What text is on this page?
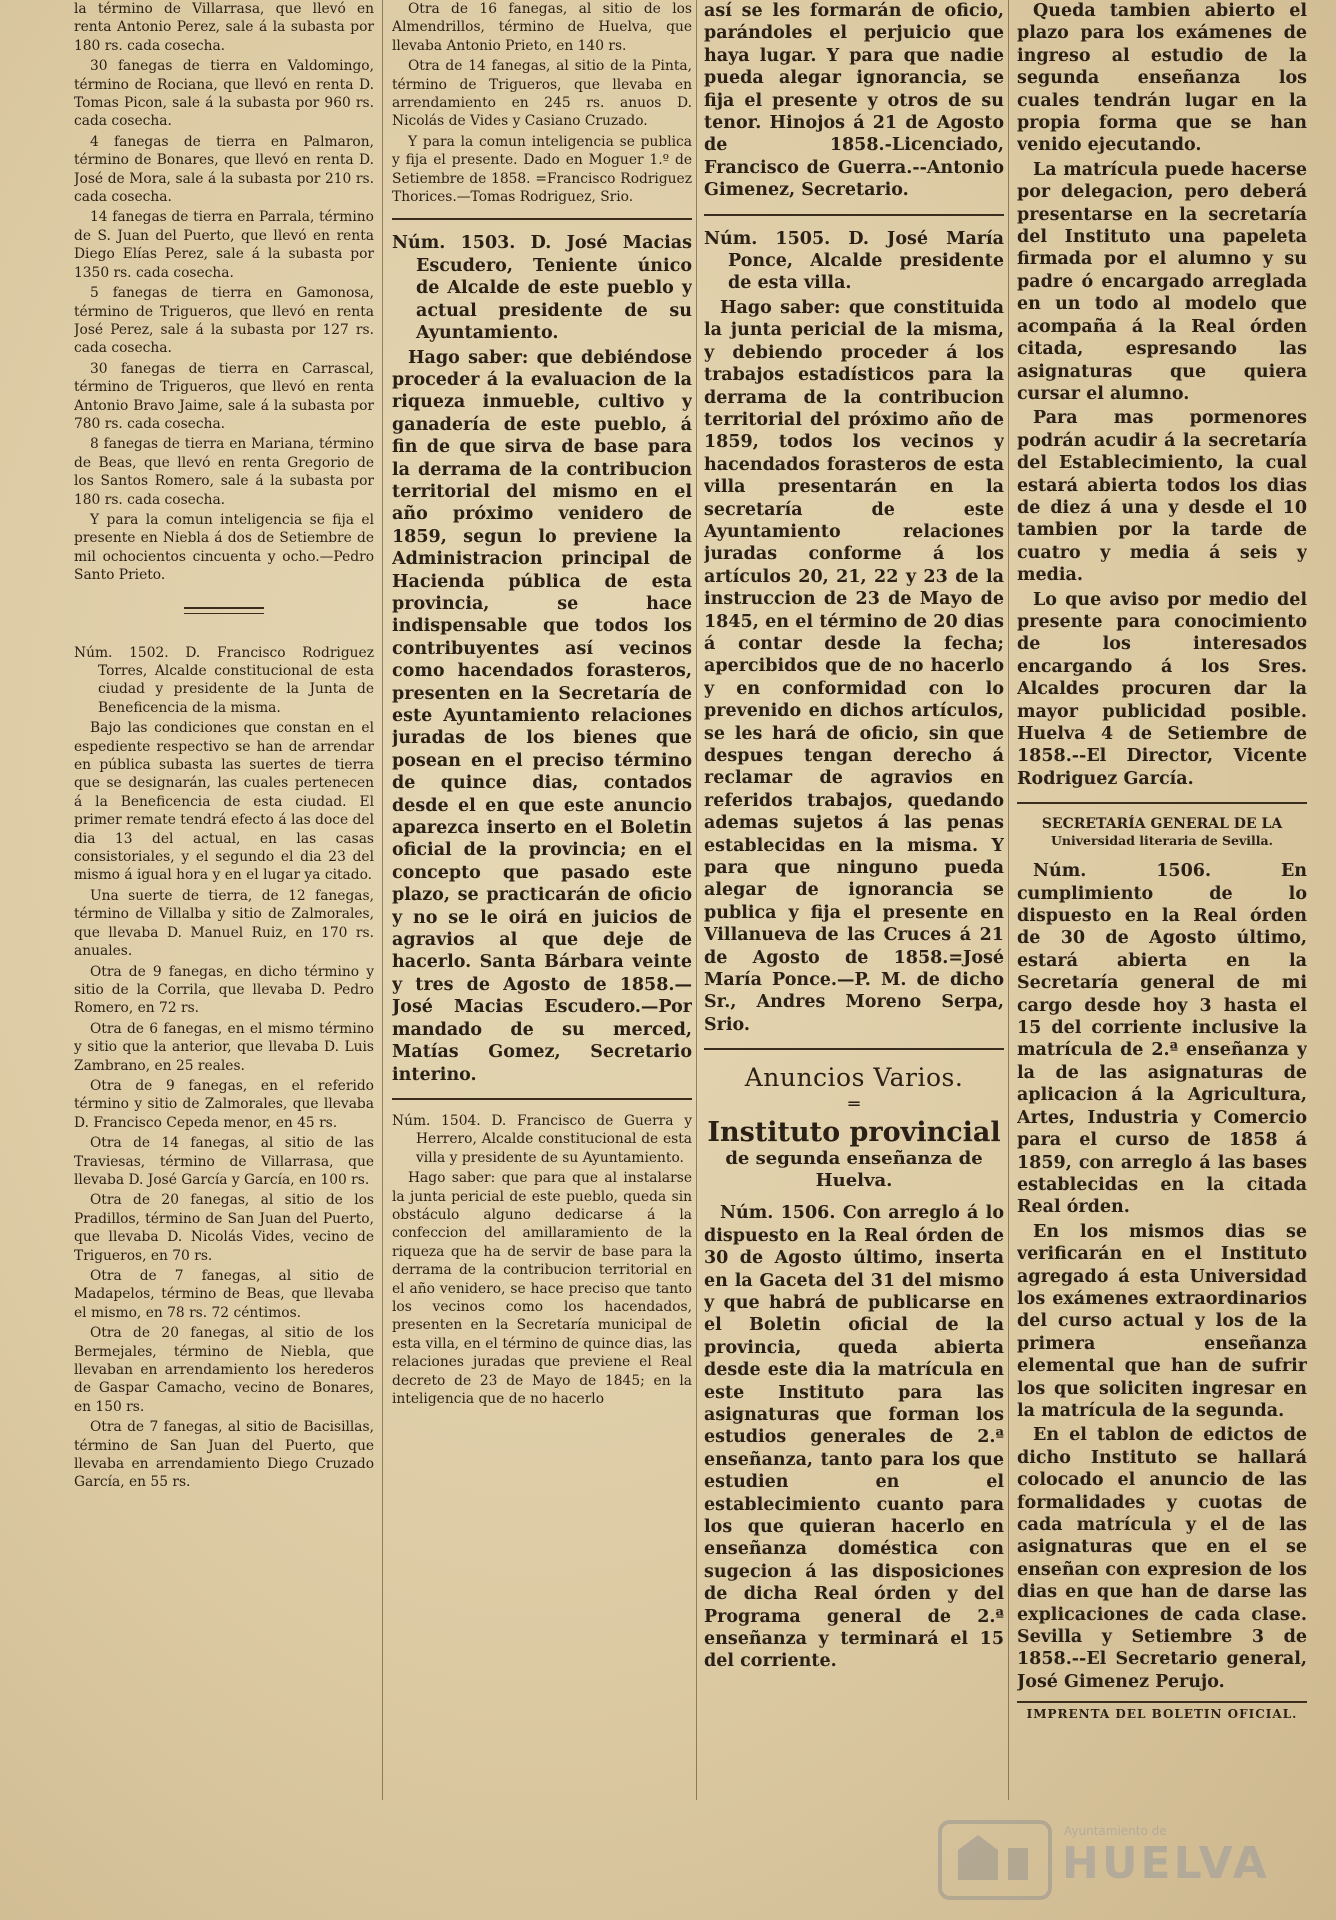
la término de Villarrasa, que llevó en renta Antonio Perez, sale á la subasta por 180 rs. cada cosecha.

30 fanegas de tierra en Valdomingo, término de Rociana, que llevó en renta D. Tomas Picon, sale á la subasta por 960 rs. cada cosecha.

4 fanegas de tierra en Palmaron, término de Bonares, que llevó en renta D. José de Mora, sale á la subasta por 210 rs. cada cosecha.

14 fanegas de tierra en Parrala, término de S. Juan del Puerto, que llevó en renta Diego Elías Perez, sale á la subasta por 1350 rs. cada cosecha.

5 fanegas de tierra en Gamonosa, término de Trigueros, que llevó en renta José Perez, sale á la subasta por 127 rs. cada cosecha.

30 fanegas de tierra en Carrascal, término de Trigueros, que llevó en renta Antonio Bravo Jaime, sale á la subasta por 780 rs. cada cosecha.

8 fanegas de tierra en Mariana, término de Beas, que llevó en renta Gregorio de los Santos Romero, sale á la subasta por 180 rs. cada cosecha.

Y para la comun inteligencia se fija el presente en Niebla á dos de Setiembre de mil ochocientos cincuenta y ocho.—Pedro Santo Prieto.

Núm. 1502. D. Francisco Rodriguez Torres, Alcalde constitucional de esta ciudad y presidente de la Junta de Beneficencia de la misma.

Bajo las condiciones que constan en el espediente respectivo se han de arrendar en pública subasta las suertes de tierra que se designarán, las cuales pertenecen á la Beneficencia de esta ciudad. El primer remate tendrá efecto á las doce del dia 13 del actual, en las casas consistoriales, y el segundo el dia 23 del mismo á igual hora y en el lugar ya citado.

Una suerte de tierra, de 12 fanegas, término de Villalba y sitio de Zalmorales, que llevaba D. Manuel Ruiz, en 170 rs. anuales.

Otra de 9 fanegas, en dicho término y sitio de la Corrila, que llevaba D. Pedro Romero, en 72 rs.

Otra de 6 fanegas, en el mismo término y sitio que la anterior, que llevaba D. Luis Zambrano, en 25 reales.

Otra de 9 fanegas, en el referido término y sitio de Zalmorales, que llevaba D. Francisco Cepeda menor, en 45 rs.

Otra de 14 fanegas, al sitio de las Traviesas, término de Villarrasa, que llevaba D. José García y García, en 100 rs.

Otra de 20 fanegas, al sitio de los Pradillos, término de San Juan del Puerto, que llevaba D. Nicolás Vides, vecino de Trigueros, en 70 rs.

Otra de 7 fanegas, al sitio de Madapelos, término de Beas, que llevaba el mismo, en 78 rs. 72 céntimos.

Otra de 20 fanegas, al sitio de los Bermejales, término de Niebla, que llevaban en arrendamiento los herederos de Gaspar Camacho, vecino de Bonares, en 150 rs.

Otra de 7 fanegas, al sitio de Bacisillas, término de San Juan del Puerto, que llevaba en arrendamiento Diego Cruzado García, en 55 rs.

Otra de 16 fanegas, al sitio de los Almendrillos, término de Huelva, que llevaba Antonio Prieto, en 140 rs.

Otra de 14 fanegas, al sitio de la Pinta, término de Trigueros, que llevaba en arrendamiento en 245 rs. anuos D. Nicolás de Vides y Casiano Cruzado.

Y para la comun inteligencia se publica y fija el presente. Dado en Moguer 1.º de Setiembre de 1858. =Francisco Rodriguez Thorices.—Tomas Rodriguez, Srio.

Núm. 1503. D. José Macias Escudero, Teniente único de Alcalde de este pueblo y actual presidente de su Ayuntamiento.

Hago saber: que debiéndose proceder á la evaluacion de la riqueza inmueble, cultivo y ganadería de este pueblo, á fin de que sirva de base para la derrama de la contribucion territorial del mismo en el año próximo venidero de 1859, segun lo previene la Administracion principal de Hacienda pública de esta provincia, se hace indispensable que todos los contribuyentes así vecinos como hacendados forasteros, presenten en la Secretaría de este Ayuntamiento relaciones juradas de los bienes que posean en el preciso término de quince dias, contados desde el en que este anuncio aparezca inserto en el Boletin oficial de la provincia; en el concepto que pasado este plazo, se practicarán de oficio y no se le oirá en juicios de agravios al que deje de hacerlo. Santa Bárbara veinte y tres de Agosto de 1858.—José Macias Escudero.—Por mandado de su merced, Matías Gomez, Secretario interino.

Núm. 1504. D. Francisco de Guerra y Herrero, Alcalde constitucional de esta villa y presidente de su Ayuntamiento.

Hago saber: que para que al instalarse la junta pericial de este pueblo, queda sin obstáculo alguno dedicarse á la confeccion del amillaramiento de la riqueza que ha de servir de base para la derrama de la contribucion territorial en el año venidero, se hace preciso que tanto los vecinos como los hacendados, presenten en la Secretaría municipal de esta villa, en el término de quince dias, las relaciones juradas que previene el Real decreto de 23 de Mayo de 1845; en la inteligencia que de no hacerlo

así se les formarán de oficio, parándoles el perjuicio que haya lugar. Y para que nadie pueda alegar ignorancia, se fija el presente y otros de su tenor. Hinojos á 21 de Agosto de 1858.-Licenciado, Francisco de Guerra.--Antonio Gimenez, Secretario.

Núm. 1505. D. José María Ponce, Alcalde presidente de esta villa.

Hago saber: que constituida la junta pericial de la misma, y debiendo proceder á los trabajos estadísticos para la derrama de la contribucion territorial del próximo año de 1859, todos los vecinos y hacendados forasteros de esta villa presentarán en la secretaría de este Ayuntamiento relaciones juradas conforme á los artículos 20, 21, 22 y 23 de la instruccion de 23 de Mayo de 1845, en el término de 20 dias á contar desde la fecha; apercibidos que de no hacerlo y en conformidad con lo prevenido en dichos artículos, se les hará de oficio, sin que despues tengan derecho á reclamar de agravios en referidos trabajos, quedando ademas sujetos á las penas establecidas en la misma. Y para que ninguno pueda alegar de ignorancia se publica y fija el presente en Villanueva de las Cruces á 21 de Agosto de 1858.=José María Ponce.—P. M. de dicho Sr., Andres Moreno Serpa, Srio.

Anuncios Varios.
═
Instituto provincial
de segunda enseñanza de Huelva.

Núm. 1506. Con arreglo á lo dispuesto en la Real órden de 30 de Agosto último, inserta en la Gaceta del 31 del mismo y que habrá de publicarse en el Boletin oficial de la provincia, queda abierta desde este dia la matrícula en este Instituto para las asignaturas que forman los estudios generales de 2.ª enseñanza, tanto para los que estudien en el establecimiento cuanto para los que quieran hacerlo en enseñanza doméstica con sugecion á las disposiciones de dicha Real órden y del Programa general de 2.ª enseñanza y terminará el 15 del corriente.

Queda tambien abierto el plazo para los exámenes de ingreso al estudio de la segunda enseñanza los cuales tendrán lugar en la propia forma que se han venido ejecutando.

La matrícula puede hacerse por delegacion, pero deberá presentarse en la secretaría del Instituto una papeleta firmada por el alumno y su padre ó encargado arreglada en un todo al modelo que acompaña á la Real órden citada, espresando las asignaturas que quiera cursar el alumno.

Para mas pormenores podrán acudir á la secretaría del Establecimiento, la cual estará abierta todos los dias de diez á una y desde el 10 tambien por la tarde de cuatro y media á seis y media.

Lo que aviso por medio del presente para conocimiento de los interesados encargando á los Sres. Alcaldes procuren dar la mayor publicidad posible. Huelva 4 de Setiembre de 1858.--El Director, Vicente Rodriguez García.

SECRETARÍA GENERAL DE LA
Universidad literaria de Sevilla.

Núm. 1506. En cumplimiento de lo dispuesto en la Real órden de 30 de Agosto último, estará abierta en la Secretaría general de mi cargo desde hoy 3 hasta el 15 del corriente inclusive la matrícula de 2.ª enseñanza y la de las asignaturas de aplicacion á la Agricultura, Artes, Industria y Comercio para el curso de 1858 á 1859, con arreglo á las bases establecidas en la citada Real órden.

En los mismos dias se verificarán en el Instituto agregado á esta Universidad los exámenes extraordinarios del curso actual y los de la primera enseñanza elemental que han de sufrir los que soliciten ingresar en la matrícula de la segunda.

En el tablon de edictos de dicho Instituto se hallará colocado el anuncio de las formalidades y cuotas de cada matrícula y el de las asignaturas que en el se enseñan con expresion de los dias en que han de darse las explicaciones de cada clase. Sevilla y Setiembre 3 de 1858.--El Secretario general, José Gimenez Perujo.

IMPRENTA DEL BOLETIN OFICIAL.
Ayuntamiento de
HUELVA
